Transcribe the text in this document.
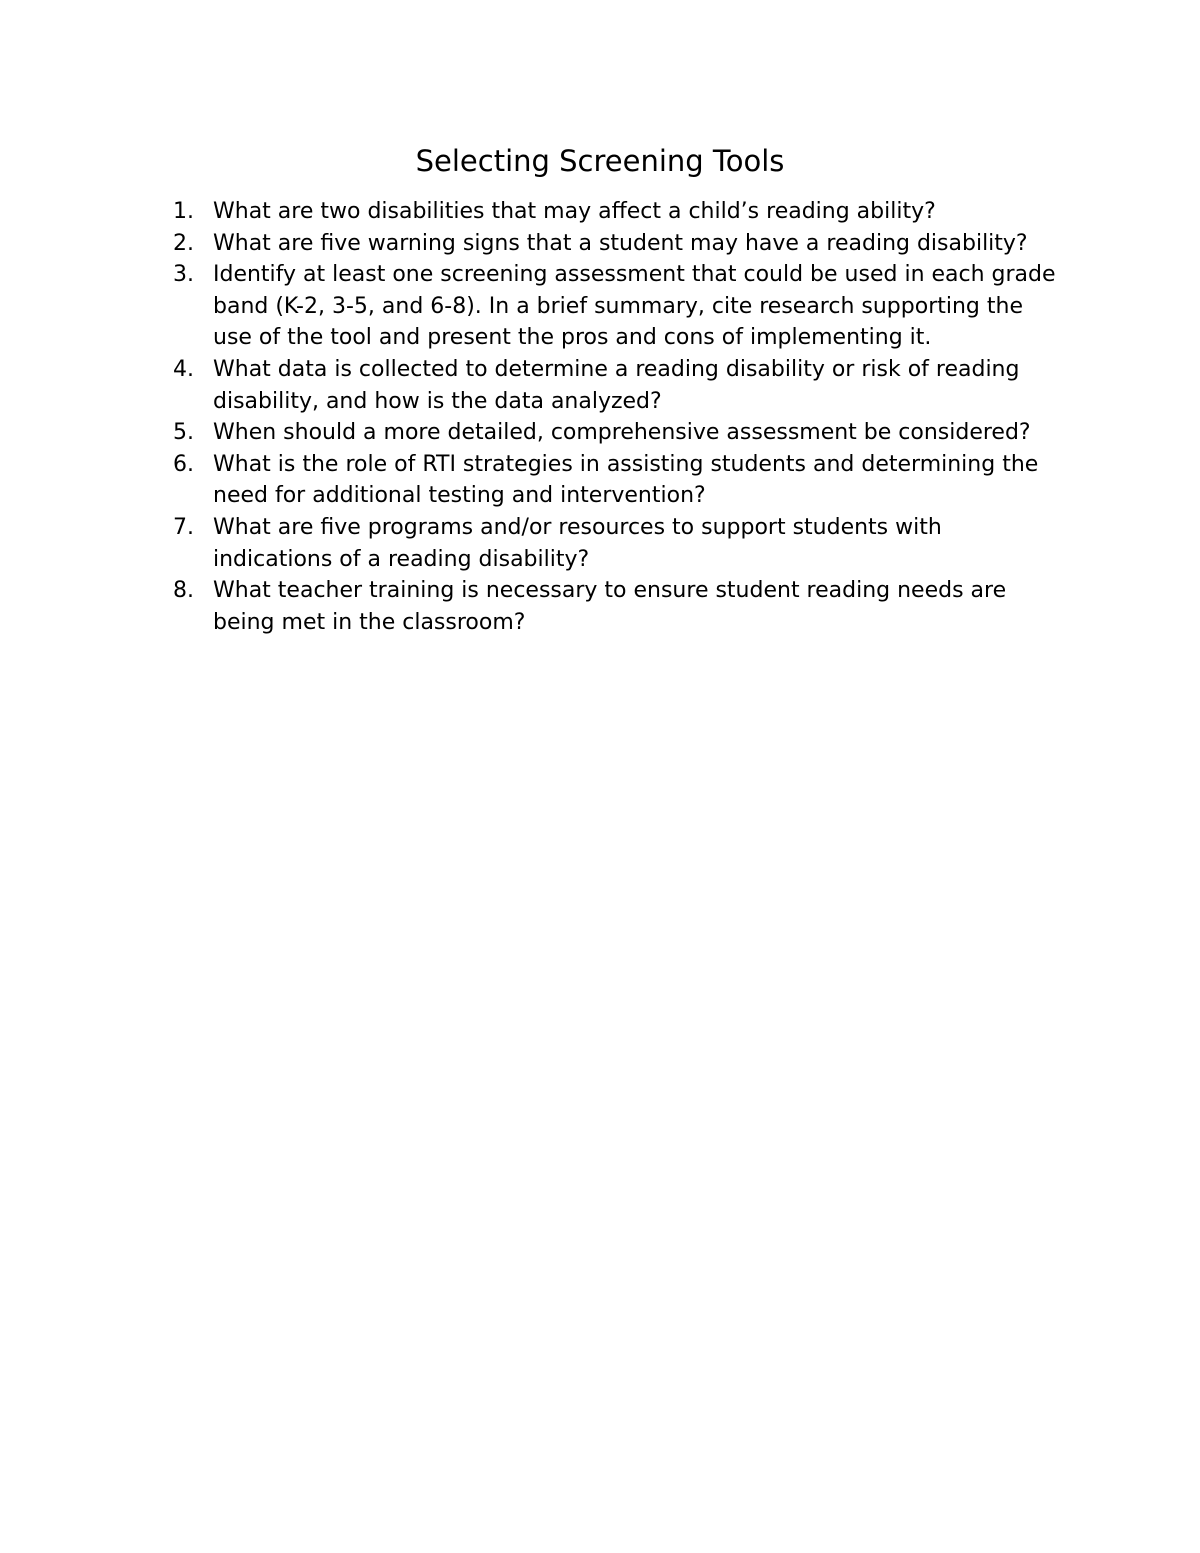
Selecting Screening Tools
1. What are two disabilities that may affect a child’s reading ability?
2. What are five warning signs that a student may have a reading disability?
3. Identify at least one screening assessment that could be used in each grade band (K-2, 3-5, and 6-8). In a brief summary, cite research supporting the use of the tool and present the pros and cons of implementing it.
4. What data is collected to determine a reading disability or risk of reading disability, and how is the data analyzed?
5. When should a more detailed, comprehensive assessment be considered?
6. What is the role of RTI strategies in assisting students and determining the need for additional testing and intervention?
7. What are five programs and/or resources to support students with indications of a reading disability?
8. What teacher training is necessary to ensure student reading needs are being met in the classroom?
